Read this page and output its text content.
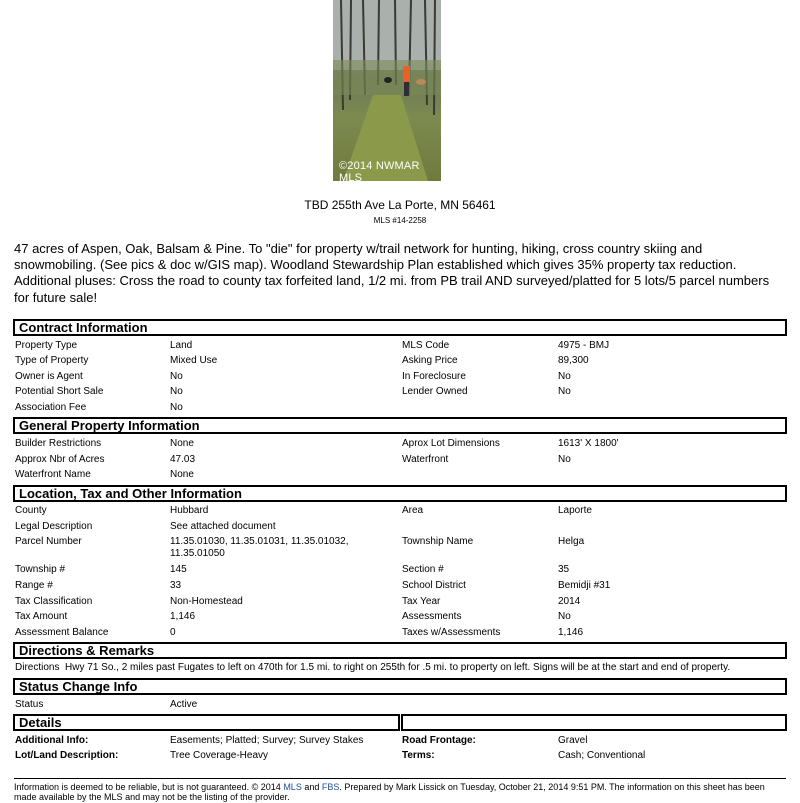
©2014 NWMAR MLS
TBD 255th Ave La Porte, MN 56461
MLS #14-2258
47 acres of Aspen, Oak, Balsam & Pine. To "die" for property w/trail network for hunting, hiking, cross country skiing and snowmobiling. (See pics & doc w/GIS map). Woodland Stewardship Plan established which gives 35% property tax reduction. Additional pluses: Cross the road to county tax forfeited land, 1/2 mi. from PB trail AND surveyed/platted for 5 lots/5 parcel numbers for future sale!
Contract Information
Property Type	Land	MLS Code	4975 - BMJ
Type of Property	Mixed Use	Asking Price	89,300
Owner is Agent	No	In Foreclosure	No
Potential Short Sale	No	Lender Owned	No
Association Fee	No
General Property Information
Builder Restrictions	None	Aprox Lot Dimensions	1613' X 1800'
Approx Nbr of Acres	47.03	Waterfront	No
Waterfront Name	None
Location, Tax and Other Information
County	Hubbard	Area	Laporte
Legal Description	See attached document
Parcel Number	11.35.01030, 11.35.01031, 11.35.01032,	Township Name	Helga
11.35.01050
Township #	145	Section #	35
Range #	33	School District	Bemidji #31
Tax Classification	Non-Homestead	Tax Year	2014
Tax Amount	1,146	Assessments	No
Assessment Balance	0	Taxes w/Assessments	1,146
Directions & Remarks
Directions Hwy 71 So., 2 miles past Fugates to left on 470th for 1.5 mi. to right on 255th for .5 mi. to property on left. Signs will be at the start and end of property.
Status Change Info
Status	Active
Details
Additional Info:	Easements; Platted; Survey; Survey Stakes	Road Frontage:	Gravel
Lot/Land Description:	Tree Coverage-Heavy	Terms:	Cash; Conventional
Information is deemed to be reliable, but is not guaranteed. © 2014 MLS and FBS. Prepared by Mark Lissick on Tuesday, October 21, 2014 9:51 PM. The information on this sheet has been made available by the MLS and may not be the listing of the provider.
